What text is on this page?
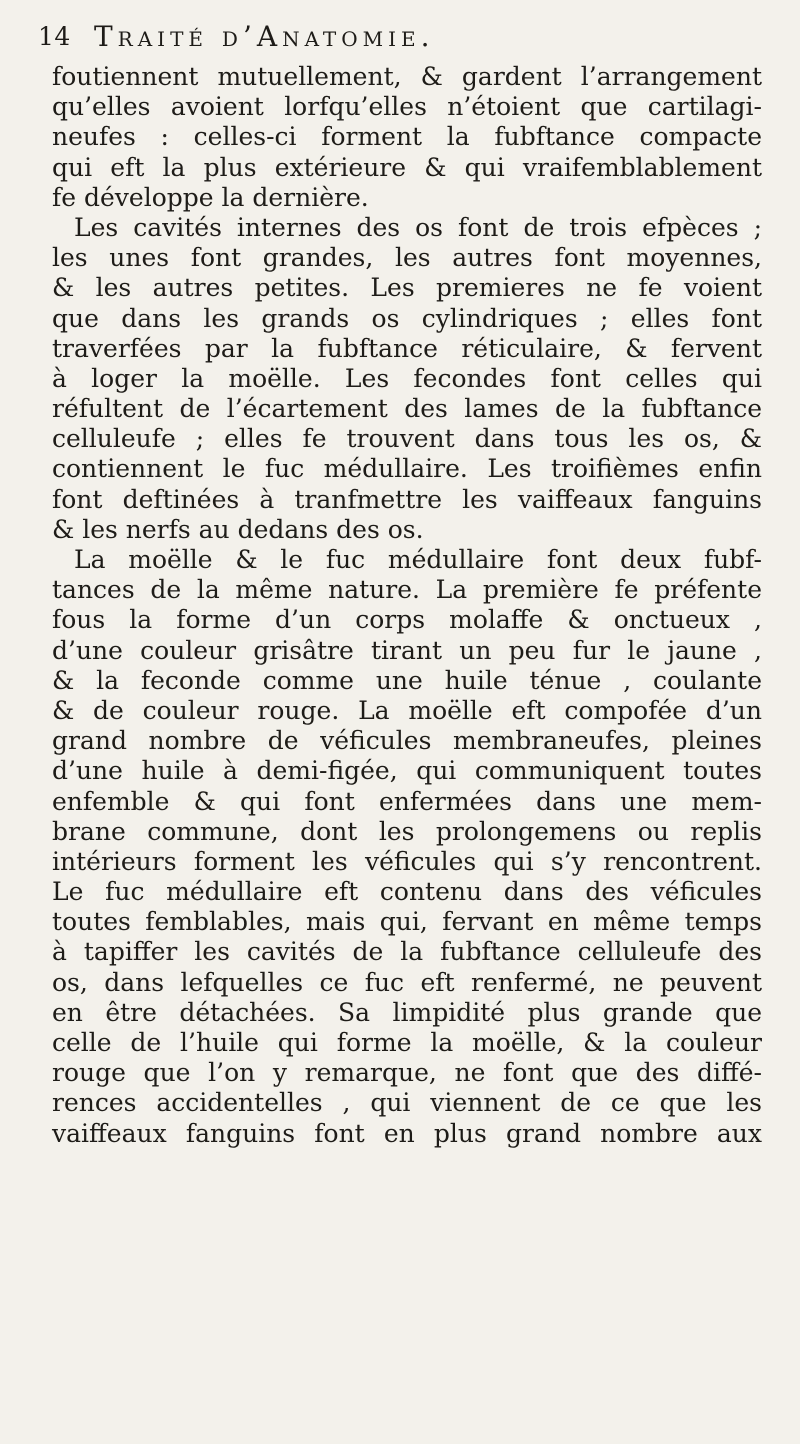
14 Traité d’Anatomie.
foutiennent mutuellement, & gardent l’arrangement
qu’elles avoient lorfqu’elles n’étoient que cartilagi-
neufes : celles-ci forment la fubftance compacte
qui eft la plus extérieure & qui vraifemblablement
fe développe la dernière.
Les cavités internes des os font de trois efpèces ;
les unes font grandes, les autres font moyennes,
& les autres petites. Les premieres ne fe voient
que dans les grands os cylindriques ; elles font
traverfées par la fubftance réticulaire, & fervent
à loger la moëlle. Les fecondes font celles qui
réfultent de l’écartement des lames de la fubftance
celluleufe ; elles fe trouvent dans tous les os, &
contiennent le fuc médullaire. Les troifièmes enfin
font deftinées à tranfmettre les vaiffeaux fanguins
& les nerfs au dedans des os.
La moëlle & le fuc médullaire font deux fubf-
tances de la même nature. La première fe préfente
fous la forme d’un corps molaffe & onctueux ,
d’une couleur grisâtre tirant un peu fur le jaune ,
& la feconde comme une huile ténue , coulante
& de couleur rouge. La moëlle eft compofée d’un
grand nombre de véficules membraneufes, pleines
d’une huile à demi-figée, qui communiquent toutes
enfemble & qui font enfermées dans une mem-
brane commune, dont les prolongemens ou replis
intérieurs forment les véficules qui s’y rencontrent.
Le fuc médullaire eft contenu dans des véficules
toutes femblables, mais qui, fervant en même temps
à tapiffer les cavités de la fubftance celluleufe des
os, dans lefquelles ce fuc eft renfermé, ne peuvent
en être détachées. Sa limpidité plus grande que
celle de l’huile qui forme la moëlle, & la couleur
rouge que l’on y remarque, ne font que des diffé-
rences accidentelles , qui viennent de ce que les
vaiffeaux fanguins font en plus grand nombre aux
